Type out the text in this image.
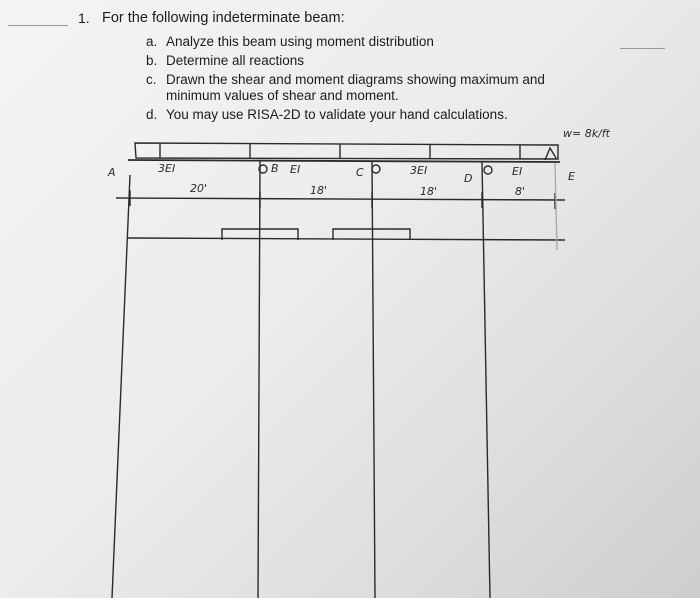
1. For the following indeterminate beam:
a. Analyze this beam using moment distribution
b. Determine all reactions
c. Drawn the shear and moment diagrams showing maximum and
minimum values of shear and moment.
d. You may use RISA-2D to validate your hand calculations.
A	B	C	D	E
3EI	EI	3EI	EI
20'	18'	18'	8'
w= 8k/ft
